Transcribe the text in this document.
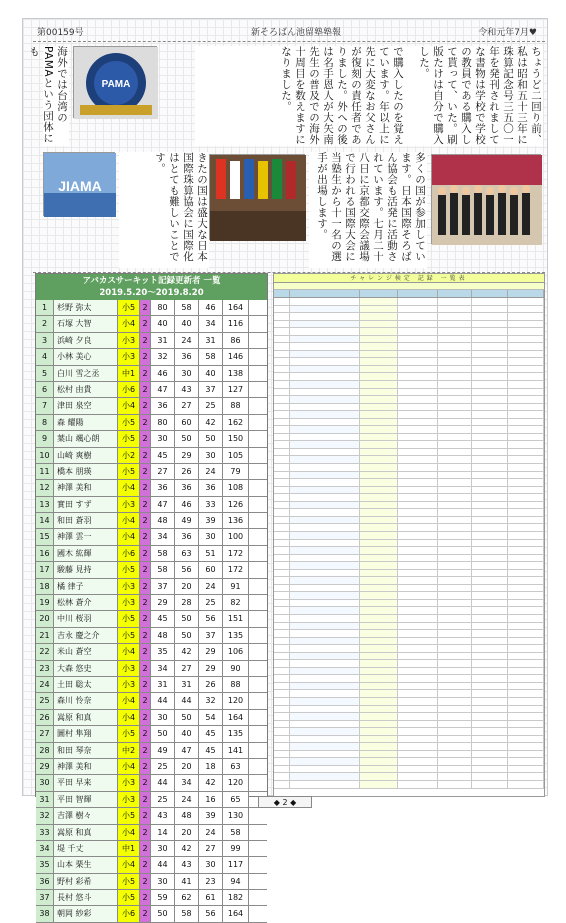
第00159号	新そろばん池留塾塾報	令和元年7月♥
ちょうど二回り前、私は昭和五十三年に珠算記念号三五〇一年を発刊されましてな書物は学校で学校の教員である購入して貰って、いた。刷版たけは自分で購入した。
で購入したのを覚えています。年以上に先に大変なお父さんが復刻の責任者でありました。外への後は名手恩人が大矢南先生の普及での海外十周目を数えますになりました。
PAMA
海外では台湾のPAMAという団体にも
JIAMA	きたの国は盛大な日本国際珠算協会に国際化はとても難しいことです。	多くの国が参加しています。日本国際そろばん協会も活発に活動されています。七月二十八日に京都交際会議場で行われる国際大会に当塾生から十一名の選手が出場します。
アバカスサーキット記録更新者 一覧
2019.5.20～2019.8.20
1	杉野 弥太	小5 2	80	58	46	164
2	石塚 大智	小4 2	40	40	34	116
3	浜崎 夕良	小3 2	31	24	31	86
4	小林 美心	小3 2	32	36	58	146
5	白川 雪之丞	中1 2	46	30	40	138
6	松村 由貴	小6 2	47	43	37	127
7	津田 泉空	小4 2	36	27	25	88
8	森 耀陽	小5 2	80	60	42	162
9	葉山 颯心朗	小5 2	30	50	50	150
10 山崎 爽樹	小2 2	45	29	30	105
11 橋本 朋瑛	小5 2	27	26	24	79
12 神澤 美和	小4 2	36	36	36	108
13 實田 すず	小3 2	47	46	33	126
14 和田 蒼羽	小4 2	48	49	39	136
15 神澤 雲一	小4 2	34	36	30	100
16 國木 紘輝	小6 2	58	63	51	172
17 駿藤 見持	小5 2	58	56	60	172
18 橘 律子	小3 2	37	20	24	91
19 松林 蒼介	小3 2	29	28	25	82
20 中川 桜羽	小5 2	45	50	56	151
21 吉永 慶之介	小5 2	48	50	37	135
22 米山 蒼空	小4 2	35	42	29	106
23 大森 悠史	小3 2	34	27	29	90
24 土田 聡太	小3 2	31	31	26	88
25 森川 怜奈	小4 2	44	44	32	120
26 嵩原 和真	小4 2	30	50	54	164
27 圖村 隼翔	小5 2	50	40	45	135
28 和田 琴奈	中2 2	49	47	45	141
29 神澤 美和	小4 2	25	20	18	63
30 平田 早来	小3 2	44	34	42	120
31 平田 智輝	小3 2	25	24	16	65
32 吉澤 樹々	小5 2	43	48	39	130
33 嵩原 和真	小4 2	14	20	24	58
34 堤 千丈	中1 2	30	42	27	99
35 山本 栗生	小4 2	44	43	30	117
36 野村 彩希	小5 2	30	41	23	94
37 長村 悠斗	小5 2	59	62	61	182
38 朝岡 紗彩	小6 2	50	58	56	164
チャレンジ検定 記録 一覧表
◆ 2 ◆
